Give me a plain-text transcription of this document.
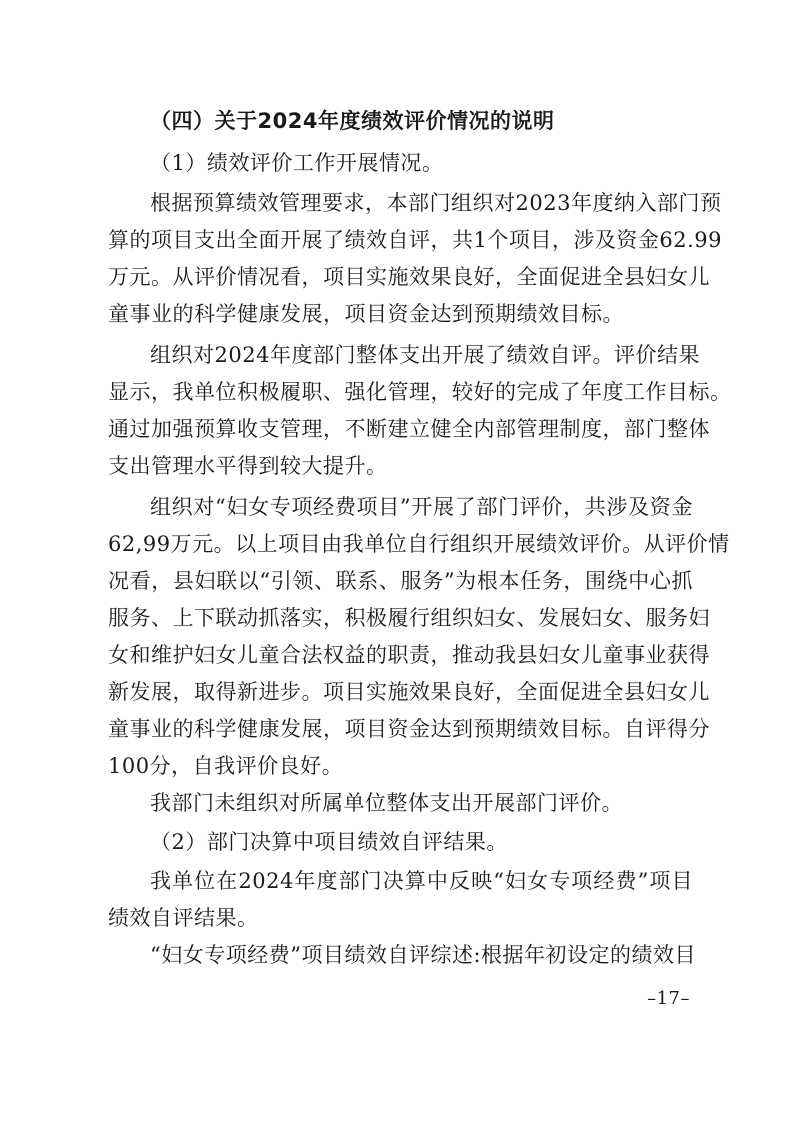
（四）关于2024年度绩效评价情况的说明
（1）绩效评价工作开展情况。
根据预算绩效管理要求，本部门组织对2023年度纳入部门预
算的项目支出全面开展了绩效自评，共1个项目，涉及资金62.99
万元。从评价情况看，项目实施效果良好，全面促进全县妇女儿
童事业的科学健康发展，项目资金达到预期绩效目标。
组织对2024年度部门整体支出开展了绩效自评。评价结果
显示，我单位积极履职、强化管理，较好的完成了年度工作目标。
通过加强预算收支管理，不断建立健全内部管理制度，部门整体
支出管理水平得到较大提升。
组织对“妇女专项经费项目”开展了部门评价，共涉及资金
62,99万元。以上项目由我单位自行组织开展绩效评价。从评价情
况看，县妇联以“引领、联系、服务”为根本任务，围绕中心抓
服务、上下联动抓落实，积极履行组织妇女、发展妇女、服务妇
女和维护妇女儿童合法权益的职责，推动我县妇女儿童事业获得
新发展，取得新进步。项目实施效果良好，全面促进全县妇女儿
童事业的科学健康发展，项目资金达到预期绩效目标。自评得分
100分，自我评价良好。
我部门未组织对所属单位整体支出开展部门评价。
（2）部门决算中项目绩效自评结果。
我单位在2024年度部门决算中反映“妇女专项经费”项目
绩效自评结果。
“妇女专项经费”项目绩效自评综述:根据年初设定的绩效目
–17–
